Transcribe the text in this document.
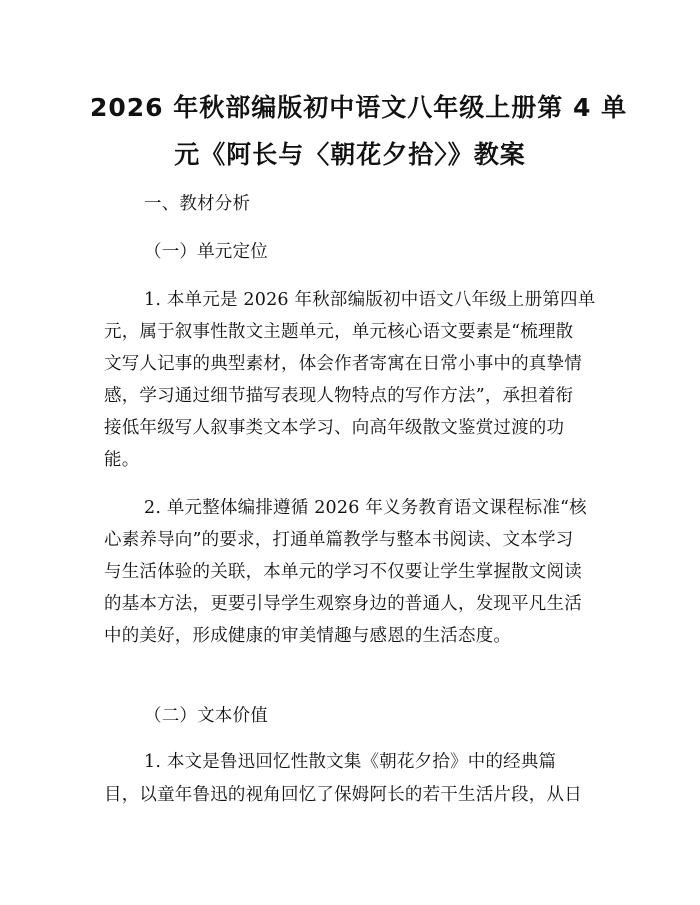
2026 年秋部编版初中语文八年级上册第 4 单
元《阿长与〈朝花夕拾〉》教案

一、教材分析

（一）单元定位

1. 本单元是 2026 年秋部编版初中语文八年级上册第四单

元，属于叙事性散文主题单元，单元核心语文要素是“梳理散

文写人记事的典型素材，体会作者寄寓在日常小事中的真挚情

感，学习通过细节描写表现人物特点的写作方法”，承担着衔

接低年级写人叙事类文本学习、向高年级散文鉴赏过渡的功

能。

2. 单元整体编排遵循 2026 年义务教育语文课程标准“核

心素养导向”的要求，打通单篇教学与整本书阅读、文本学习

与生活体验的关联，本单元的学习不仅要让学生掌握散文阅读

的基本方法，更要引导学生观察身边的普通人，发现平凡生活

中的美好，形成健康的审美情趣与感恩的生活态度。

（二）文本价值

1. 本文是鲁迅回忆性散文集《朝花夕拾》中的经典篇

目，以童年鲁迅的视角回忆了保姆阿长的若干生活片段，从日
